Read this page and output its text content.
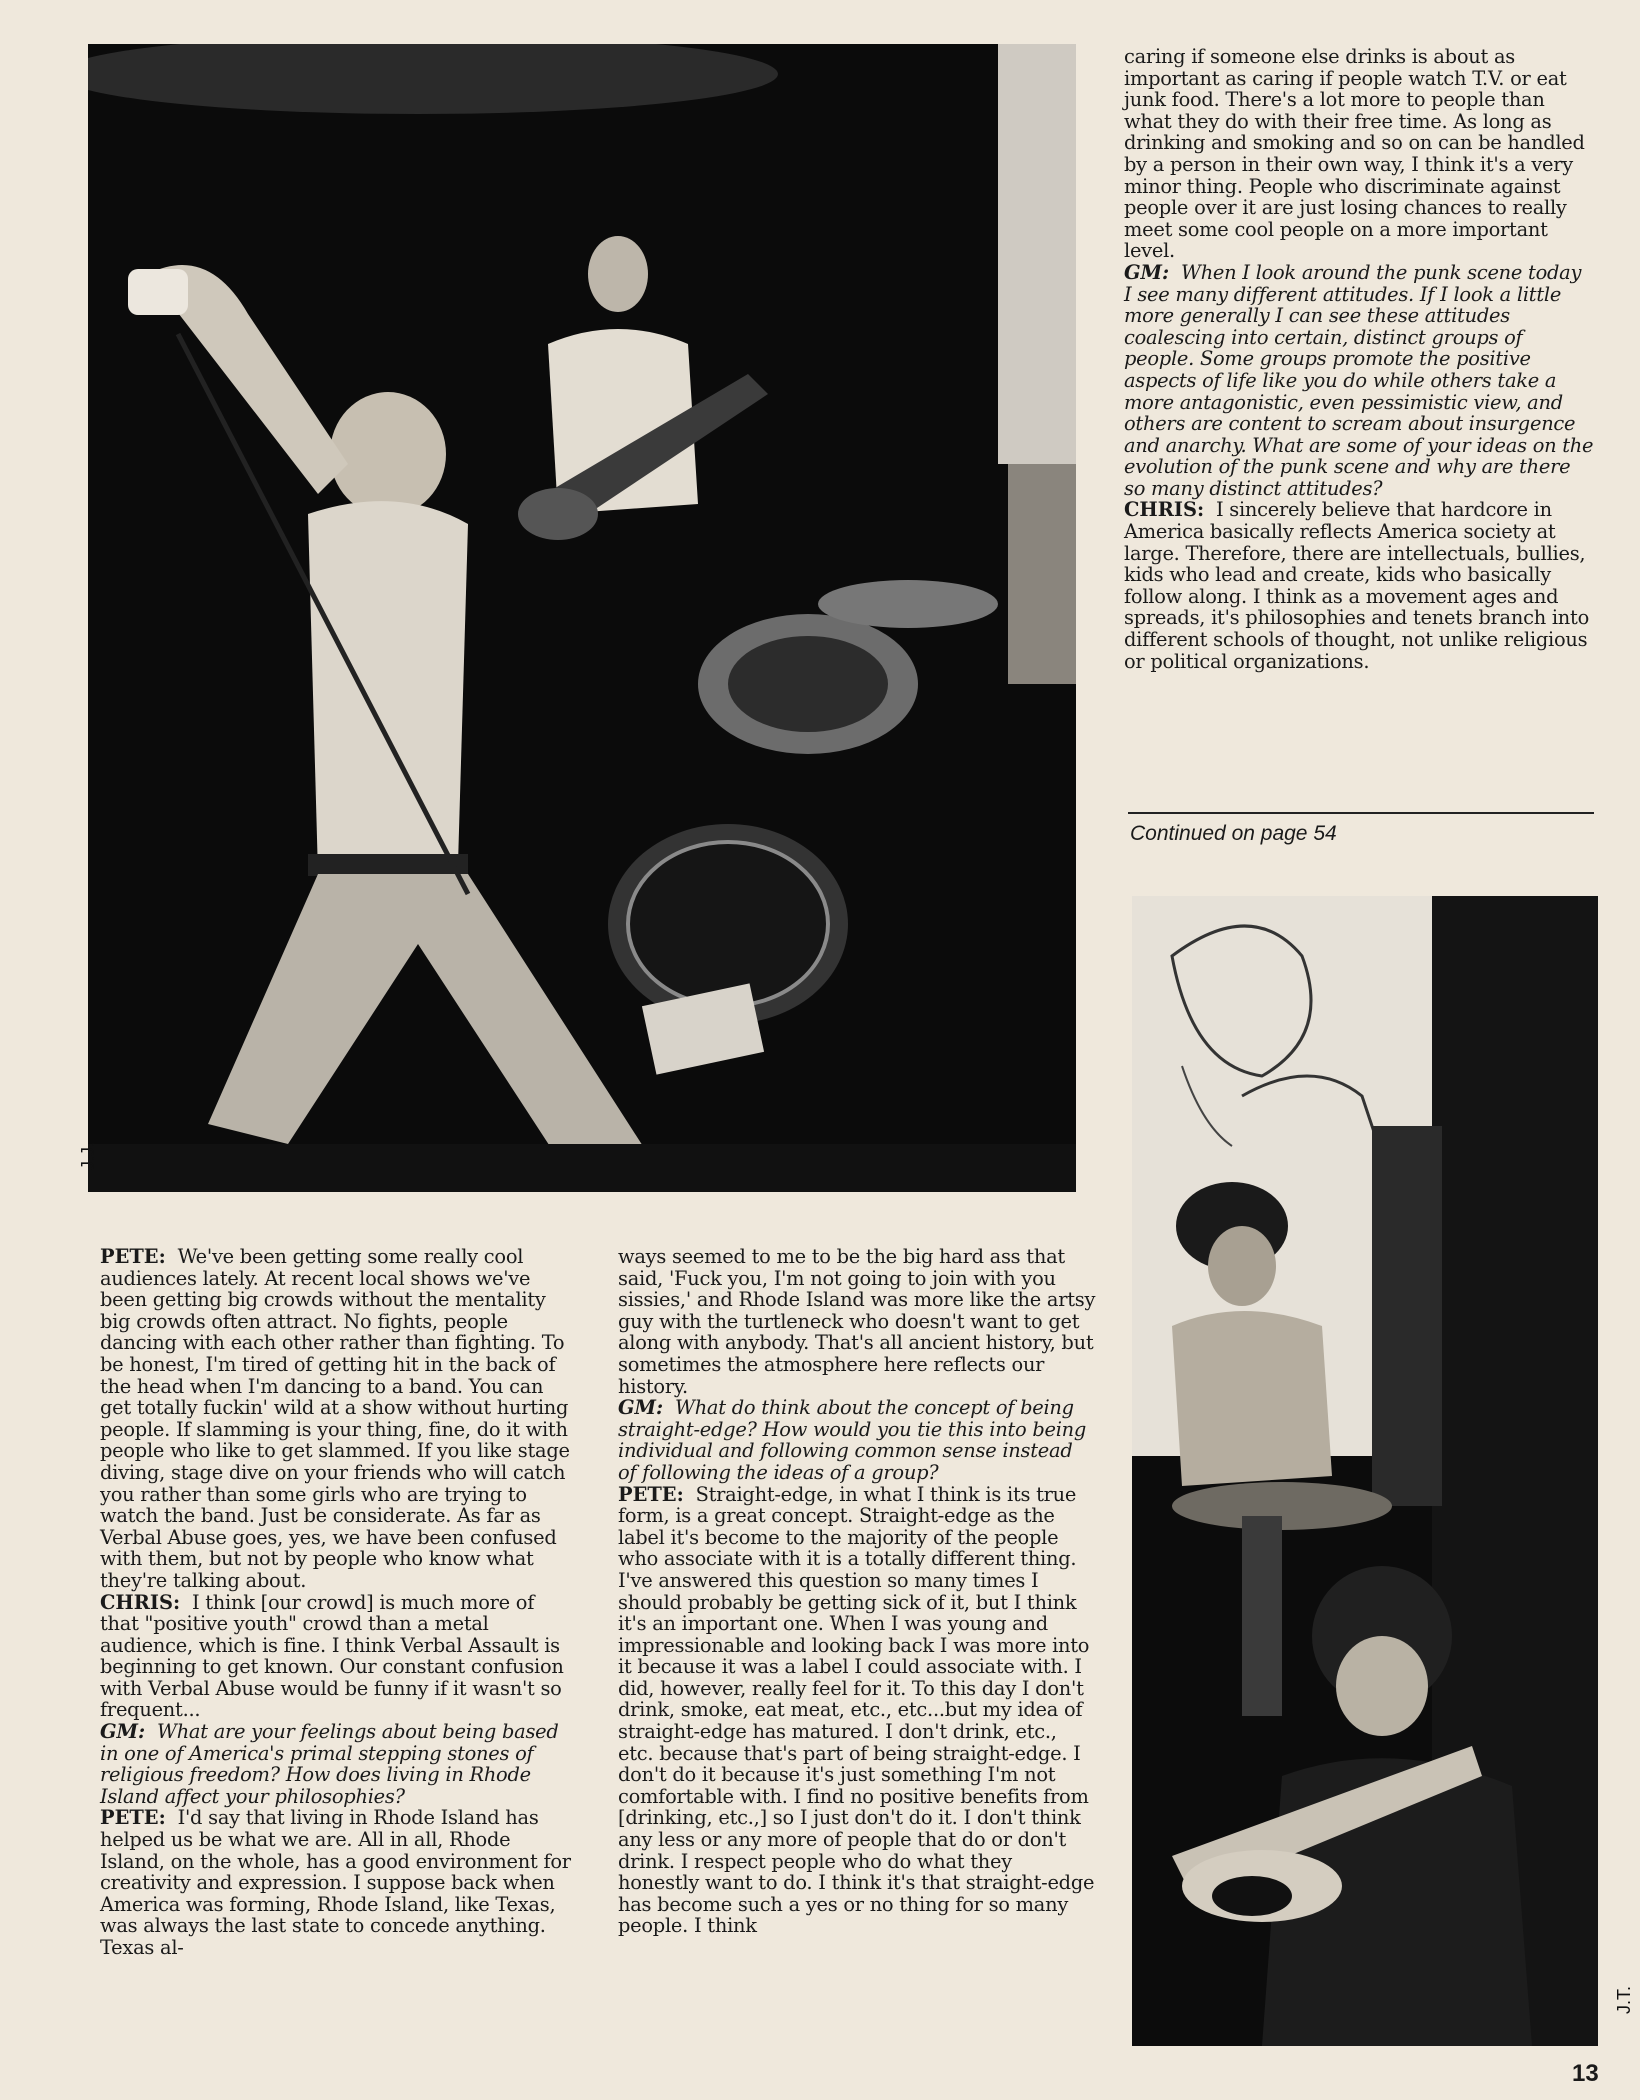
J.J.
J.T.

caring if someone else drinks is about as important as caring if people watch T.V. or eat junk food. There's a lot more to people than what they do with their free time. As long as drinking and smoking and so on can be handled by a person in their own way, I think it's a very minor thing. People who discriminate against people over it are just losing chances to really meet some cool people on a more important level.

GM: When I look around the punk scene today I see many different attitudes. If I look a little more generally I can see these attitudes coalescing into certain, distinct groups of people. Some groups promote the positive aspects of life like you do while others take a more antagonistic, even pessimistic view, and others are content to scream about insurgence and anarchy. What are some of your ideas on the evolution of the punk scene and why are there so many distinct attitudes?

CHRIS: I sincerely believe that hardcore in America basically reflects America society at large. Therefore, there are intellectuals, bullies, kids who lead and create, kids who basically follow along. I think as a movement ages and spreads, it's philosophies and tenets branch into different schools of thought, not unlike religious or political organizations.

Continued on page 54

PETE: We've been getting some really cool audiences lately. At recent local shows we've been getting big crowds without the mentality big crowds often attract. No fights, people dancing with each other rather than fighting. To be honest, I'm tired of getting hit in the back of the head when I'm dancing to a band. You can get totally fuckin' wild at a show without hurting people. If slamming is your thing, fine, do it with people who like to get slammed. If you like stage diving, stage dive on your friends who will catch you rather than some girls who are trying to watch the band. Just be considerate. As far as Verbal Abuse goes, yes, we have been confused with them, but not by people who know what they're talking about.

CHRIS: I think [our crowd] is much more of that "positive youth" crowd than a metal audience, which is fine. I think Verbal Assault is beginning to get known. Our constant confusion with Verbal Abuse would be funny if it wasn't so frequent...

GM: What are your feelings about being based in one of America's primal stepping stones of religious freedom? How does living in Rhode Island affect your philosophies?

PETE: I'd say that living in Rhode Island has helped us be what we are. All in all, Rhode Island, on the whole, has a good environment for creativity and expression. I suppose back when America was forming, Rhode Island, like Texas, was always the last state to concede anything. Texas al-

ways seemed to me to be the big hard ass that said, 'Fuck you, I'm not going to join with you sissies,' and Rhode Island was more like the artsy guy with the turtleneck who doesn't want to get along with anybody. That's all ancient history, but sometimes the atmosphere here reflects our history.

GM: What do think about the concept of being straight-edge? How would you tie this into being individual and following common sense instead of following the ideas of a group?

PETE: Straight-edge, in what I think is its true form, is a great concept. Straight-edge as the label it's become to the majority of the people who associate with it is a totally different thing. I've answered this question so many times I should probably be getting sick of it, but I think it's an important one. When I was young and impressionable and looking back I was more into it because it was a label I could associate with. I did, however, really feel for it. To this day I don't drink, smoke, eat meat, etc., etc...but my idea of straight-edge has matured. I don't drink, etc., etc. because that's part of being straight-edge. I don't do it because it's just something I'm not comfortable with. I find no positive benefits from [drinking, etc.,] so I just don't do it. I don't think any less or any more of people that do or don't drink. I respect people who do what they honestly want to do. I think it's that straight-edge has become such a yes or no thing for so many people. I think

13
